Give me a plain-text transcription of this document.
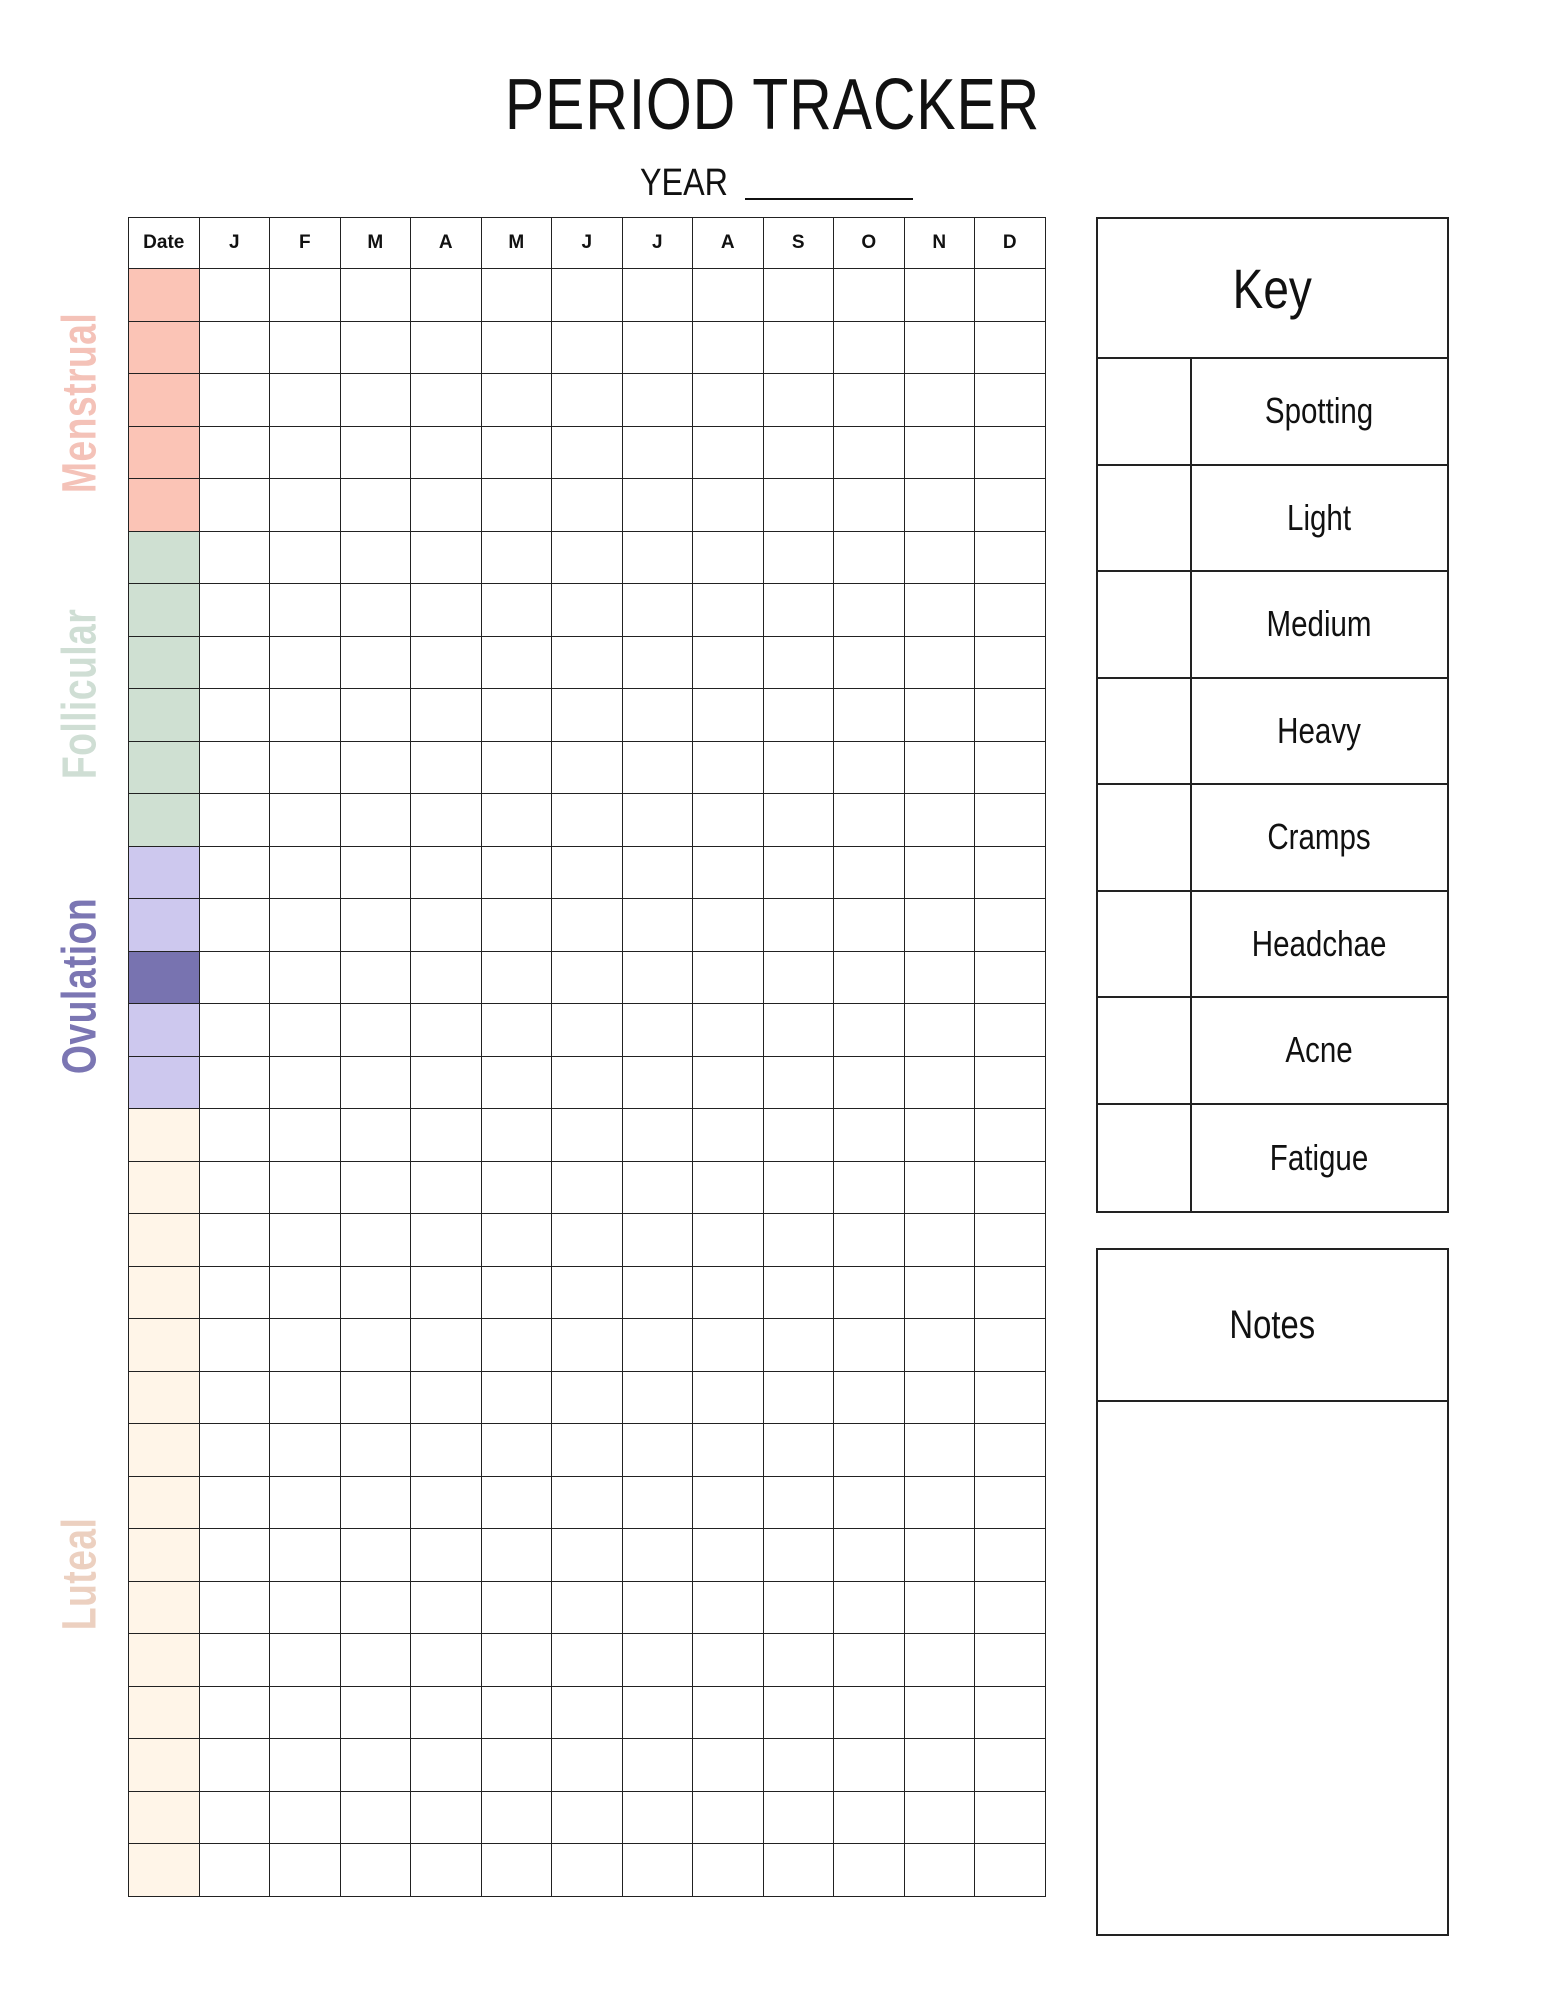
PERIOD TRACKER
YEAR
Date	J	F	M	A	M	J	J	A	S	O	N	D

Menstrual
Follicular
Ovulation
Luteal
Key
Spotting
Light
Medium
Heavy
Cramps
Headchae
Acne
Fatigue
Notes
